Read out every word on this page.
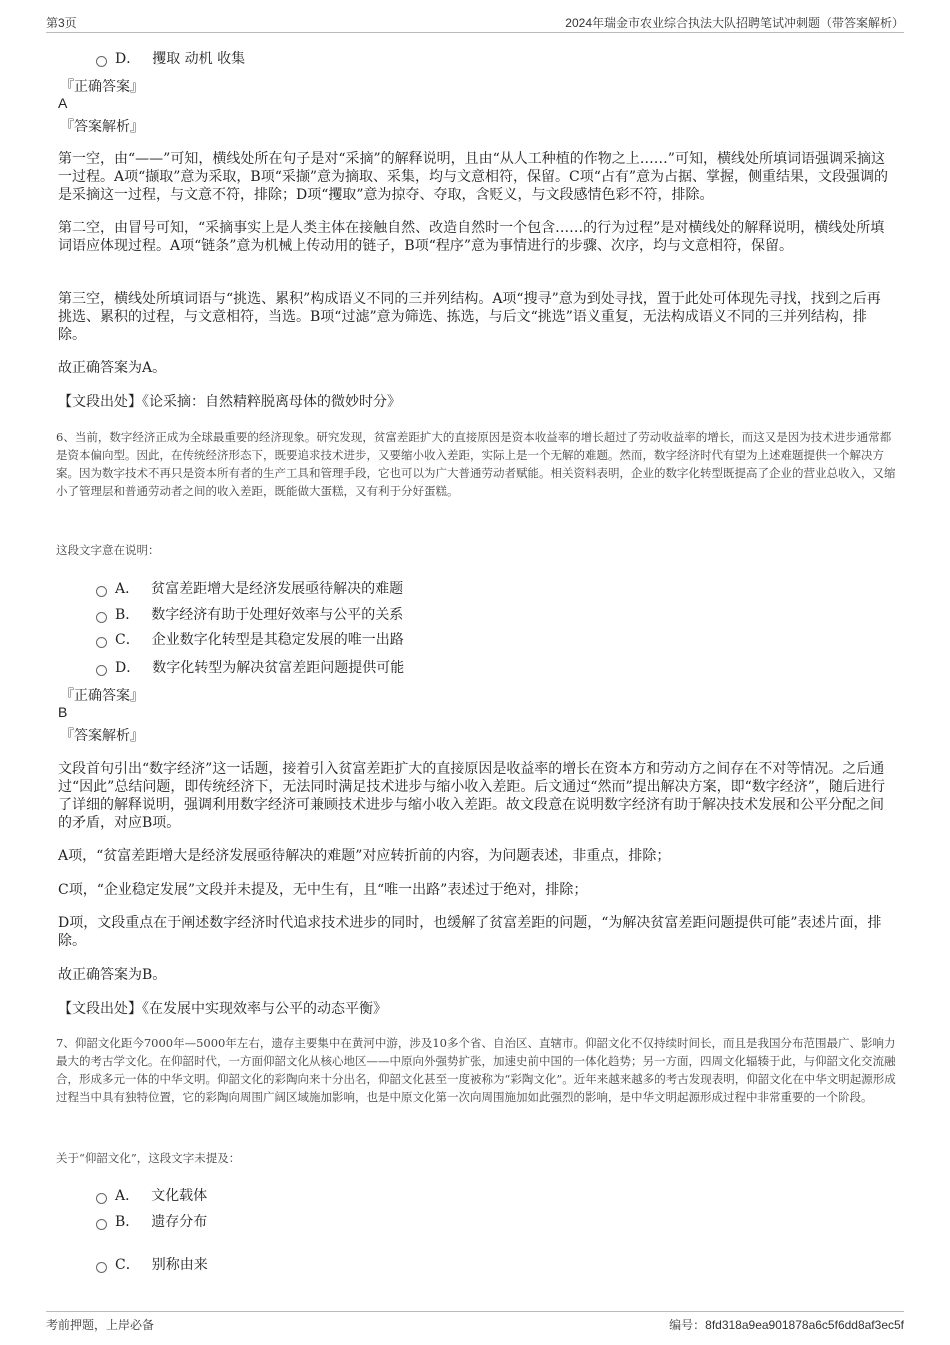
第3页	2024年瑞金市农业综合执法大队招聘笔试冲刺题（带答案解析）
D． 攫取 动机 收集
『正确答案』
A
『答案解析』
第一空，由“——”可知，横线处所在句子是对“采摘”的解释说明，且由“从人工种植的作物之上……”可知，横线处所填词语强调采摘这一过程。A项“撷取”意为采取，B项“采撷”意为摘取、采集，均与文意相符，保留。C项“占有”意为占据、掌握，侧重结果，文段强调的是采摘这一过程，与文意不符，排除；D项“攫取”意为掠夺、夺取，含贬义，与文段感情色彩不符，排除。
第二空，由冒号可知，“采摘事实上是人类主体在接触自然、改造自然时一个包含……的行为过程”是对横线处的解释说明，横线处所填词语应体现过程。A项“链条”意为机械上传动用的链子，B项“程序”意为事情进行的步骤、次序，均与文意相符，保留。
第三空，横线处所填词语与“挑选、累积”构成语义不同的三并列结构。A项“搜寻”意为到处寻找，置于此处可体现先寻找，找到之后再挑选、累积的过程，与文意相符，当选。B项“过滤”意为筛选、拣选，与后文“挑选”语义重复，无法构成语义不同的三并列结构，排除。
故正确答案为A。
【文段出处】《论采摘：自然精粹脱离母体的微妙时分》
6、当前，数字经济正成为全球最重要的经济现象。研究发现，贫富差距扩大的直接原因是资本收益率的增长超过了劳动收益率的增长，而这又是因为技术进步通常都是资本偏向型。因此，在传统经济形态下，既要追求技术进步，又要缩小收入差距，实际上是一个无解的难题。然而，数字经济时代有望为上述难题提供一个解决方案。因为数字技术不再只是资本所有者的生产工具和管理手段，它也可以为广大普通劳动者赋能。相关资料表明，企业的数字化转型既提高了企业的营业总收入，又缩小了管理层和普通劳动者之间的收入差距，既能做大蛋糕，又有利于分好蛋糕。
这段文字意在说明：
A． 贫富差距增大是经济发展亟待解决的难题
B． 数字经济有助于处理好效率与公平的关系
C． 企业数字化转型是其稳定发展的唯一出路
D． 数字化转型为解决贫富差距问题提供可能
『正确答案』
B
『答案解析』
文段首句引出“数字经济”这一话题，接着引入贫富差距扩大的直接原因是收益率的增长在资本方和劳动方之间存在不对等情况。之后通过“因此”总结问题，即传统经济下，无法同时满足技术进步与缩小收入差距。后文通过“然而”提出解决方案，即“数字经济”，随后进行了详细的解释说明，强调利用数字经济可兼顾技术进步与缩小收入差距。故文段意在说明数字经济有助于解决技术发展和公平分配之间的矛盾，对应B项。
A项，“贫富差距增大是经济发展亟待解决的难题”对应转折前的内容，为问题表述，非重点，排除；
C项，“企业稳定发展”文段并未提及，无中生有，且“唯一出路”表述过于绝对，排除；
D项，文段重点在于阐述数字经济时代追求技术进步的同时，也缓解了贫富差距的问题，“为解决贫富差距问题提供可能”表述片面，排除。
故正确答案为B。
【文段出处】《在发展中实现效率与公平的动态平衡》
7、仰韶文化距今7000年—5000年左右，遗存主要集中在黄河中游，涉及10多个省、自治区、直辖市。仰韶文化不仅持续时间长，而且是我国分布范围最广、影响力最大的考古学文化。在仰韶时代，一方面仰韶文化从核心地区——中原向外强势扩张，加速史前中国的一体化趋势；另一方面，四周文化辐辏于此，与仰韶文化交流融合，形成多元一体的中华文明。仰韶文化的彩陶向来十分出名，仰韶文化甚至一度被称为“彩陶文化”。近年来越来越多的考古发现表明，仰韶文化在中华文明起源形成过程当中具有独特位置，它的彩陶向周围广阔区域施加影响，也是中原文化第一次向周围施加如此强烈的影响，是中华文明起源形成过程中非常重要的一个阶段。
关于“仰韶文化”，这段文字未提及：
A． 文化载体
B． 遗存分布
C． 别称由来
考前押题，上岸必备	编号：8fd318a9ea901878a6c5f6dd8af3ec5f
